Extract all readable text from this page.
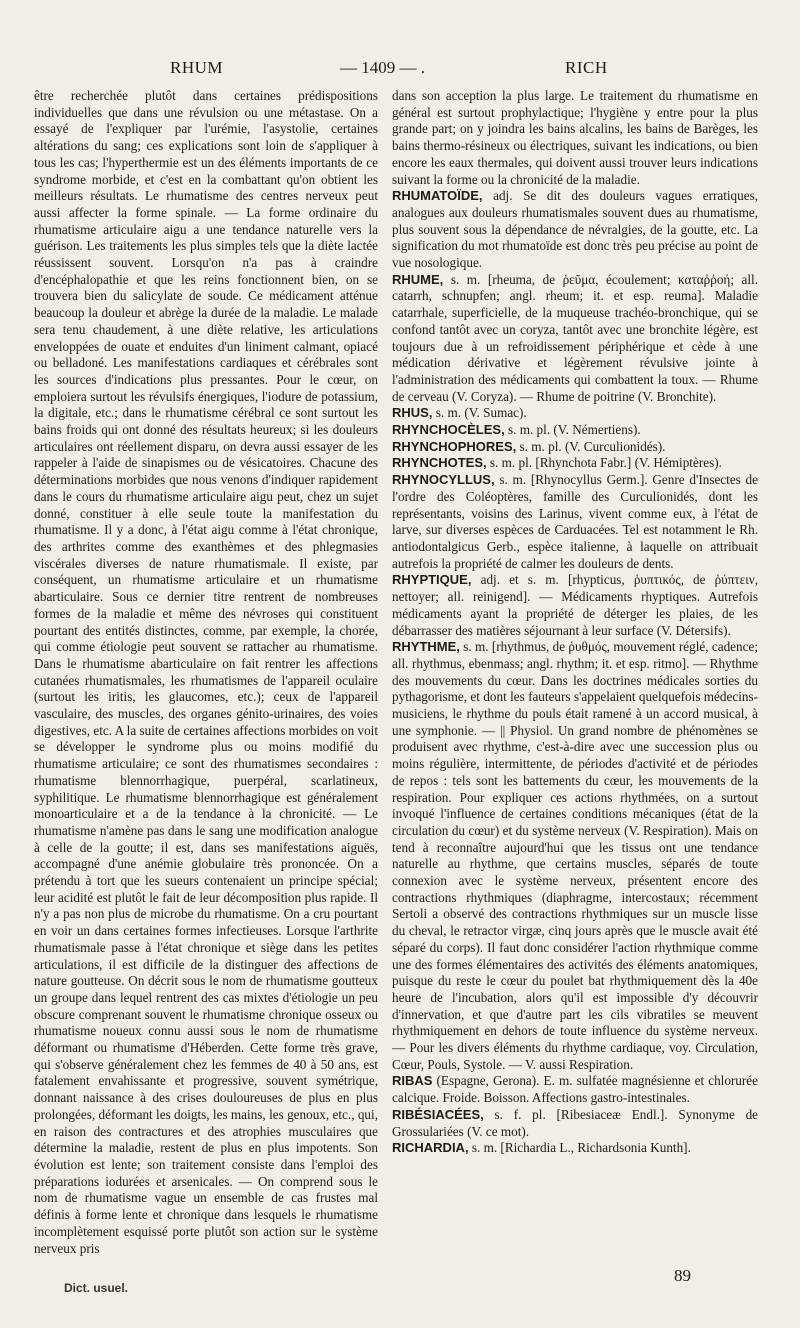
RHUM	— 1409 — .	RICH

être recherchée plutôt dans certaines prédispositions individuelles que dans une révulsion ou une métastase. On a essayé de l'expliquer par l'urémie, l'asystolie, certaines altérations du sang; ces explications sont loin de s'appliquer à tous les cas; l'hyperthermie est un des éléments importants de ce syndrome morbide, et c'est en la combattant qu'on obtient les meilleurs résultats. Le rhumatisme des centres nerveux peut aussi affecter la forme spinale. — La forme ordinaire du rhumatisme articulaire aigu a une tendance naturelle vers la guérison. Les traitements les plus simples tels que la diète lactée réussissent souvent. Lorsqu'on n'a pas à craindre d'encéphalopathie et que les reins fonctionnent bien, on se trouvera bien du salicylate de soude. Ce médicament atténue beaucoup la douleur et abrège la durée de la maladie. Le malade sera tenu chaudement, à une diète relative, les articulations enveloppées de ouate et enduites d'un liniment calmant, opiacé ou belladoné. Les manifestations cardiaques et cérébrales sont les sources d'indications plus pressantes. Pour le cœur, on emploiera surtout les révulsifs énergiques, l'iodure de potassium, la digitale, etc.; dans le rhumatisme cérébral ce sont surtout les bains froids qui ont donné des résultats heureux; si les douleurs articulaires ont réellement disparu, on devra aussi essayer de les rappeler à l'aide de sinapismes ou de vésicatoires. Chacune des déterminations morbides que nous venons d'indiquer rapidement dans le cours du rhumatisme articulaire aigu peut, chez un sujet donné, constituer à elle seule toute la manifestation du rhumatisme. Il y a donc, à l'état aigu comme à l'état chronique, des arthrites comme des exanthèmes et des phlegmasies viscérales diverses de nature rhumatismale. Il existe, par conséquent, un rhumatisme articulaire et un rhumatisme abarticulaire. Sous ce dernier titre rentrent de nombreuses formes de la maladie et même des névroses qui constituent pourtant des entités distinctes, comme, par exemple, la chorée, qui comme étiologie peut souvent se rattacher au rhumatisme. Dans le rhumatisme abarticulaire on fait rentrer les affections cutanées rhumatismales, les rhumatismes de l'appareil oculaire (surtout les iritis, les glaucomes, etc.); ceux de l'appareil vasculaire, des muscles, des organes génito-urinaires, des voies digestives, etc. A la suite de certaines affections morbides on voit se développer le syndrome plus ou moins modifié du rhumatisme articulaire; ce sont des rhumatismes secondaires : rhumatisme blennorrhagique, puerpéral, scarlatineux, syphilitique. Le rhumatisme blennorrhagique est généralement monoarticulaire et a de la tendance à la chronicité. — Le rhumatisme n'amène pas dans le sang une modification analogue à celle de la goutte; il est, dans ses manifestations aiguës, accompagné d'une anémie globulaire très prononcée. On a prétendu à tort que les sueurs contenaient un principe spécial; leur acidité est plutôt le fait de leur décomposition plus rapide. Il n'y a pas non plus de microbe du rhumatisme. On a cru pourtant en voir un dans certaines formes infectieuses. Lorsque l'arthrite rhumatismale passe à l'état chronique et siège dans les petites articulations, il est difficile de la distinguer des affections de nature goutteuse. On décrit sous le nom de rhumatisme goutteux un groupe dans lequel rentrent des cas mixtes d'étiologie un peu obscure comprenant souvent le rhumatisme chronique osseux ou rhumatisme noueux connu aussi sous le nom de rhumatisme déformant ou rhumatisme d'Héberden. Cette forme très grave, qui s'observe généralement chez les femmes de 40 à 50 ans, est fatalement envahissante et progressive, souvent symétrique, donnant naissance à des crises douloureuses de plus en plus prolongées, déformant les doigts, les mains, les genoux, etc., qui, en raison des contractures et des atrophies musculaires que détermine la maladie, restent de plus en plus impotents. Son évolution est lente; son traitement consiste dans l'emploi des préparations iodurées et arsenicales. — On comprend sous le nom de rhumatisme vague un ensemble de cas frustes mal définis à forme lente et chronique dans lesquels le rhumatisme incomplètement esquissé porte plutôt son action sur le système nerveux pris

dans son acception la plus large. Le traitement du rhumatisme en général est surtout prophylactique; l'hygiène y entre pour la plus grande part; on y joindra les bains alcalins, les bains de Barèges, les bains thermo-résineux ou électriques, suivant les indications, ou bien encore les eaux thermales, qui doivent aussi trouver leurs indications suivant la forme ou la chronicité de la maladie.

RHUMATOÏDE, adj. Se dit des douleurs vagues erratiques, analogues aux douleurs rhumatismales souvent dues au rhumatisme, plus souvent sous la dépendance de névralgies, de la goutte, etc. La signification du mot rhumatoïde est donc très peu précise au point de vue nosologique.

RHUME, s. m. [rheuma, de ῥεῦμα, écoulement; καταῤῥοή; all. catarrh, schnupfen; angl. rheum; it. et esp. reuma]. Maladie catarrhale, superficielle, de la muqueuse trachéo-bronchique, qui se confond tantôt avec un coryza, tantôt avec une bronchite légère, est toujours due à un refroidissement périphérique et cède à une médication dérivative et légèrement révulsive jointe à l'administration des médicaments qui combattent la toux. — Rhume de cerveau (V. Coryza). — Rhume de poitrine (V. Bronchite).

RHUS, s. m. (V. Sumac).

RHYNCHOCÈLES, s. m. pl. (V. Némertiens).

RHYNCHOPHORES, s. m. pl. (V. Curculionidés).

RHYNCHOTES, s. m. pl. [Rhynchota Fabr.] (V. Hémiptères).

RHYNOCYLLUS, s. m. [Rhynocyllus Germ.]. Genre d'Insectes de l'ordre des Coléoptères, famille des Curculionidés, dont les représentants, voisins des Larinus, vivent comme eux, à l'état de larve, sur diverses espèces de Carduacées. Tel est notamment le Rh. antiodontalgicus Gerb., espèce italienne, à laquelle on attribuait autrefois la propriété de calmer les douleurs de dents.

RHYPTIQUE, adj. et s. m. [rhypticus, ῥυπτικός, de ῥύπτειν, nettoyer; all. reinigend]. — Médicaments rhyptiques. Autrefois médicaments ayant la propriété de déterger les plaies, de les débarrasser des matières séjournant à leur surface (V. Détersifs).

RHYTHME, s. m. [rhythmus, de ῥυθμός, mouvement réglé, cadence; all. rhythmus, ebenmass; angl. rhythm; it. et esp. ritmo]. — Rhythme des mouvements du cœur. Dans les doctrines médicales sorties du pythagorisme, et dont les fauteurs s'appelaient quelquefois médecins-musiciens, le rhythme du pouls était ramené à un accord musical, à une symphonie. — || Physiol. Un grand nombre de phénomènes se produisent avec rhythme, c'est-à-dire avec une succession plus ou moins régulière, intermittente, de périodes d'activité et de périodes de repos : tels sont les battements du cœur, les mouvements de la respiration. Pour expliquer ces actions rhythmées, on a surtout invoqué l'influence de certaines conditions mécaniques (état de la circulation du cœur) et du système nerveux (V. Respiration). Mais on tend à reconnaître aujourd'hui que les tissus ont une tendance naturelle au rhythme, que certains muscles, séparés de toute connexion avec le système nerveux, présentent encore des contractions rhythmiques (diaphragme, intercostaux; récemment Sertoli a observé des contractions rhythmiques sur un muscle lisse du cheval, le retractor virgæ, cinq jours après que le muscle avait été séparé du corps). Il faut donc considérer l'action rhythmique comme une des formes élémentaires des activités des éléments anatomiques, puisque du reste le cœur du poulet bat rhythmiquement dès la 40e heure de l'incubation, alors qu'il est impossible d'y découvrir d'innervation, et que d'autre part les cils vibratiles se meuvent rhythmiquement en dehors de toute influence du système nerveux. — Pour les divers éléments du rhythme cardiaque, voy. Circulation, Cœur, Pouls, Systole. — V. aussi Respiration.

RIBAS (Espagne, Gerona). E. m. sulfatée magnésienne et chlorurée calcique. Froide. Boisson. Affections gastro-intestinales.

RIBÉSIACÉES, s. f. pl. [Ribesiaceæ Endl.]. Synonyme de Grossulariées (V. ce mot).

RICHARDIA, s. m. [Richardia L., Richardsonia Kunth].

Dict. usuel.
89
